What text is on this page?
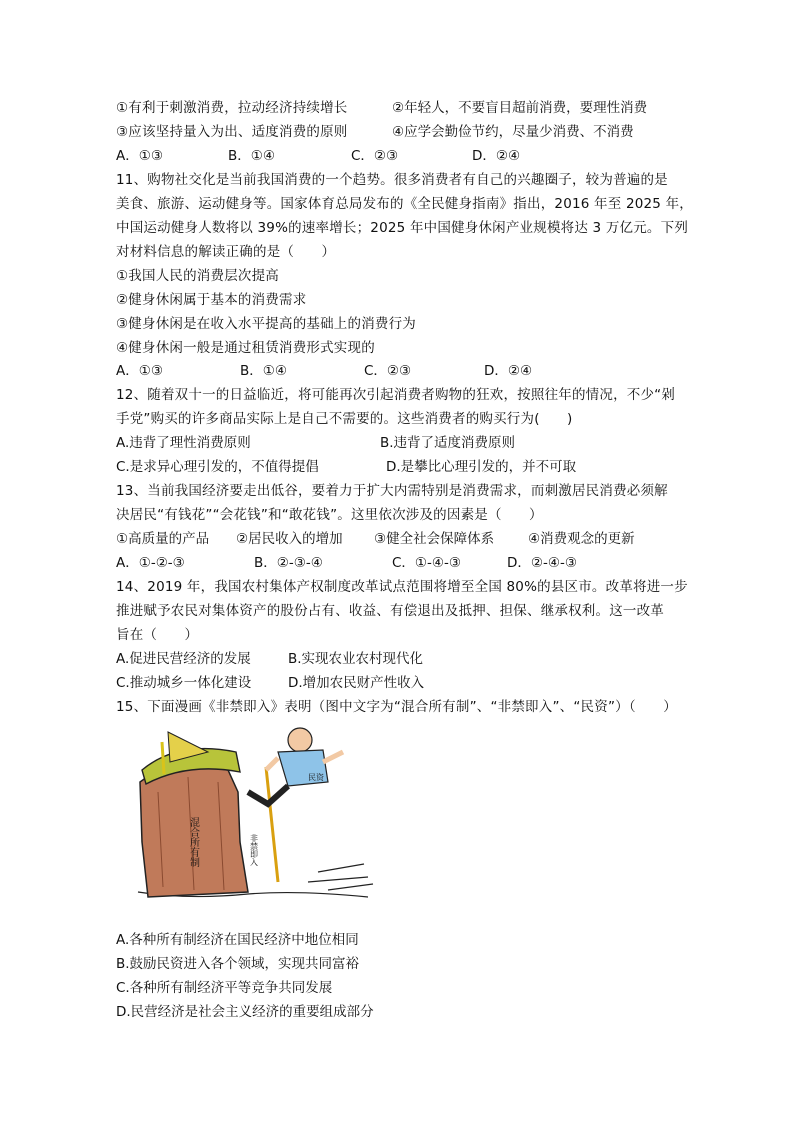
①有利于刺激消费，拉动经济持续增长	②年轻人，不要盲目超前消费，要理性消费
③应该坚持量入为出、适度消费的原则	④应学会勤俭节约，尽量少消费、不消费
A．①③	B．①④	C．②③	D．②④
11、购物社交化是当前我国消费的一个趋势。很多消费者有自己的兴趣圈子，较为普遍的是
美食、旅游、运动健身等。国家体育总局发布的《全民健身指南》指出，2016 年至 2025 年，
中国运动健身人数将以 39%的速率增长；2025 年中国健身休闲产业规模将达 3 万亿元。下列
对材料信息的解读正确的是（　　）
①我国人民的消费层次提高
②健身休闲属于基本的消费需求
③健身休闲是在收入水平提高的基础上的消费行为
④健身休闲一般是通过租赁消费形式实现的
A．①③	B．①④	C．②③	D．②④
12、随着双十一的日益临近，将可能再次引起消费者购物的狂欢，按照往年的情况，不少“剁
手党”购买的许多商品实际上是自己不需要的。这些消费者的购买行为(　　)
A.违背了理性消费原则	B.违背了适度消费原则
C.是求异心理引发的，不值得提倡	D.是攀比心理引发的，并不可取
13、当前我国经济要走出低谷，要着力于扩大内需特别是消费需求，而刺激居民消费必须解
决居民“有钱花”“会花钱”和“敢花钱”。这里依次涉及的因素是（　　）
①高质量的产品 ②居民收入的增加 ③健全社会保障体系	④消费观念的更新
A．①-②-③	B．②-③-④	C．①-④-③	D．②-④-③
14、2019 年，我国农村集体产权制度改革试点范围将增至全国 80%的县区市。改革将进一步
推进赋予农民对集体资产的股份占有、收益、有偿退出及抵押、担保、继承权利。这一改革
旨在（　　）
A.促进民营经济的发展	B.实现农业农村现代化
C.推动城乡一体化建设	D.增加农民财产性收入
15、下面漫画《非禁即入》表明（图中文字为“混合所有制”、“非禁即入”、“民资”）（　　）
混合所有制	非禁即入
民资
A.各种所有制经济在国民经济中地位相同
B.鼓励民资进入各个领域，实现共同富裕
C.各种所有制经济平等竞争共同发展
D.民营经济是社会主义经济的重要组成部分
